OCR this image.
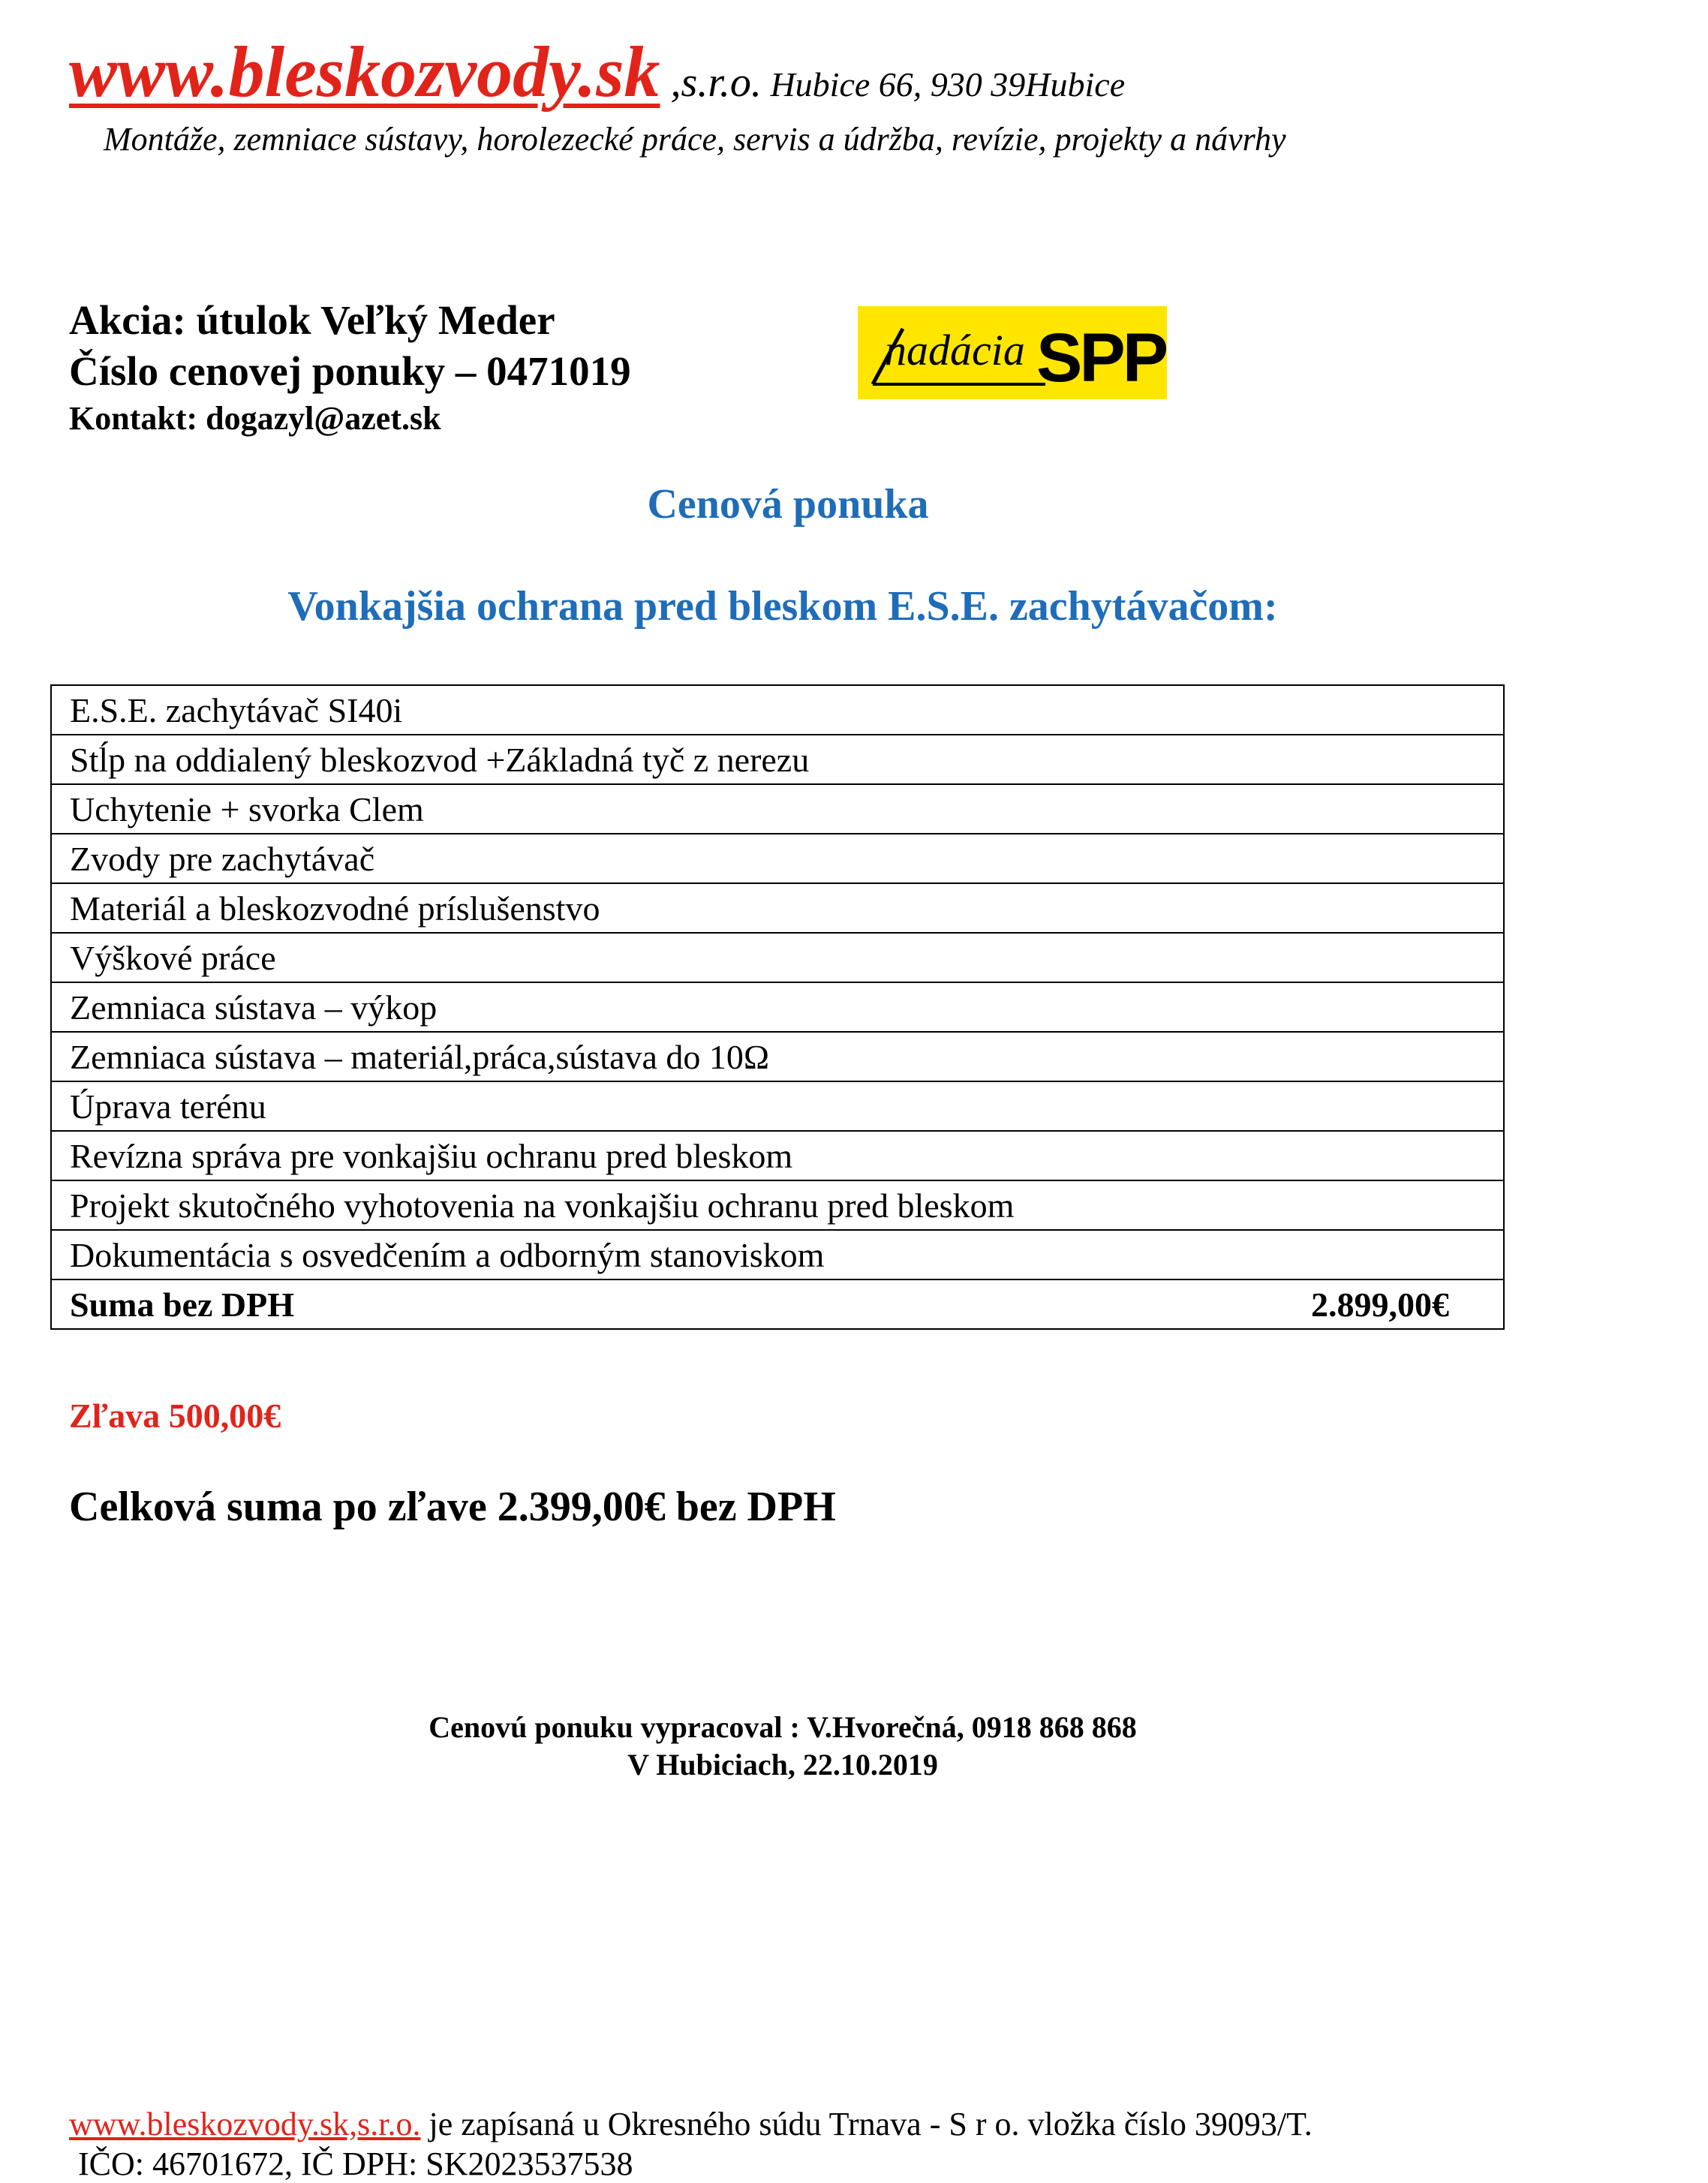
www.bleskozvody.sk ,s.r.o. Hubice 66, 930 39Hubice
Montáže, zemniace sústavy, horolezecké práce, servis a údržba, revízie, projekty a návrhy
Akcia: útulok Veľký Meder
Číslo cenovej ponuky – 0471019
Kontakt: dogazyl@azet.sk
nadácia SPP
Cenová ponuka
Vonkajšia ochrana pred bleskom E.S.E. zachytávačom:
E.S.E. zachytávač SI40i
Stĺp na oddialený bleskozvod +Základná tyč z nerezu
Uchytenie + svorka Clem
Zvody pre zachytávač
Materiál a bleskozvodné príslušenstvo
Výškové práce
Zemniaca sústava – výkop
Zemniaca sústava – materiál,práca,sústava do 10Ω
Úprava terénu
Revízna správa pre vonkajšiu ochranu pred bleskom
Projekt skutočného vyhotovenia na vonkajšiu ochranu pred bleskom
Dokumentácia s osvedčením a odborným stanoviskom

Suma bez DPH	2.899,00€
Zľava 500,00€
Celková suma po zľave 2.399,00€ bez DPH
Cenovú ponuku vypracoval : V.Hvorečná, 0918 868 868
V Hubiciach, 22.10.2019
www.bleskozvody.sk,s.r.o. je zapísaná u Okresného súdu Trnava - S r o. vložka číslo 39093/T.
IČO: 46701672, IČ DPH: SK2023537538
